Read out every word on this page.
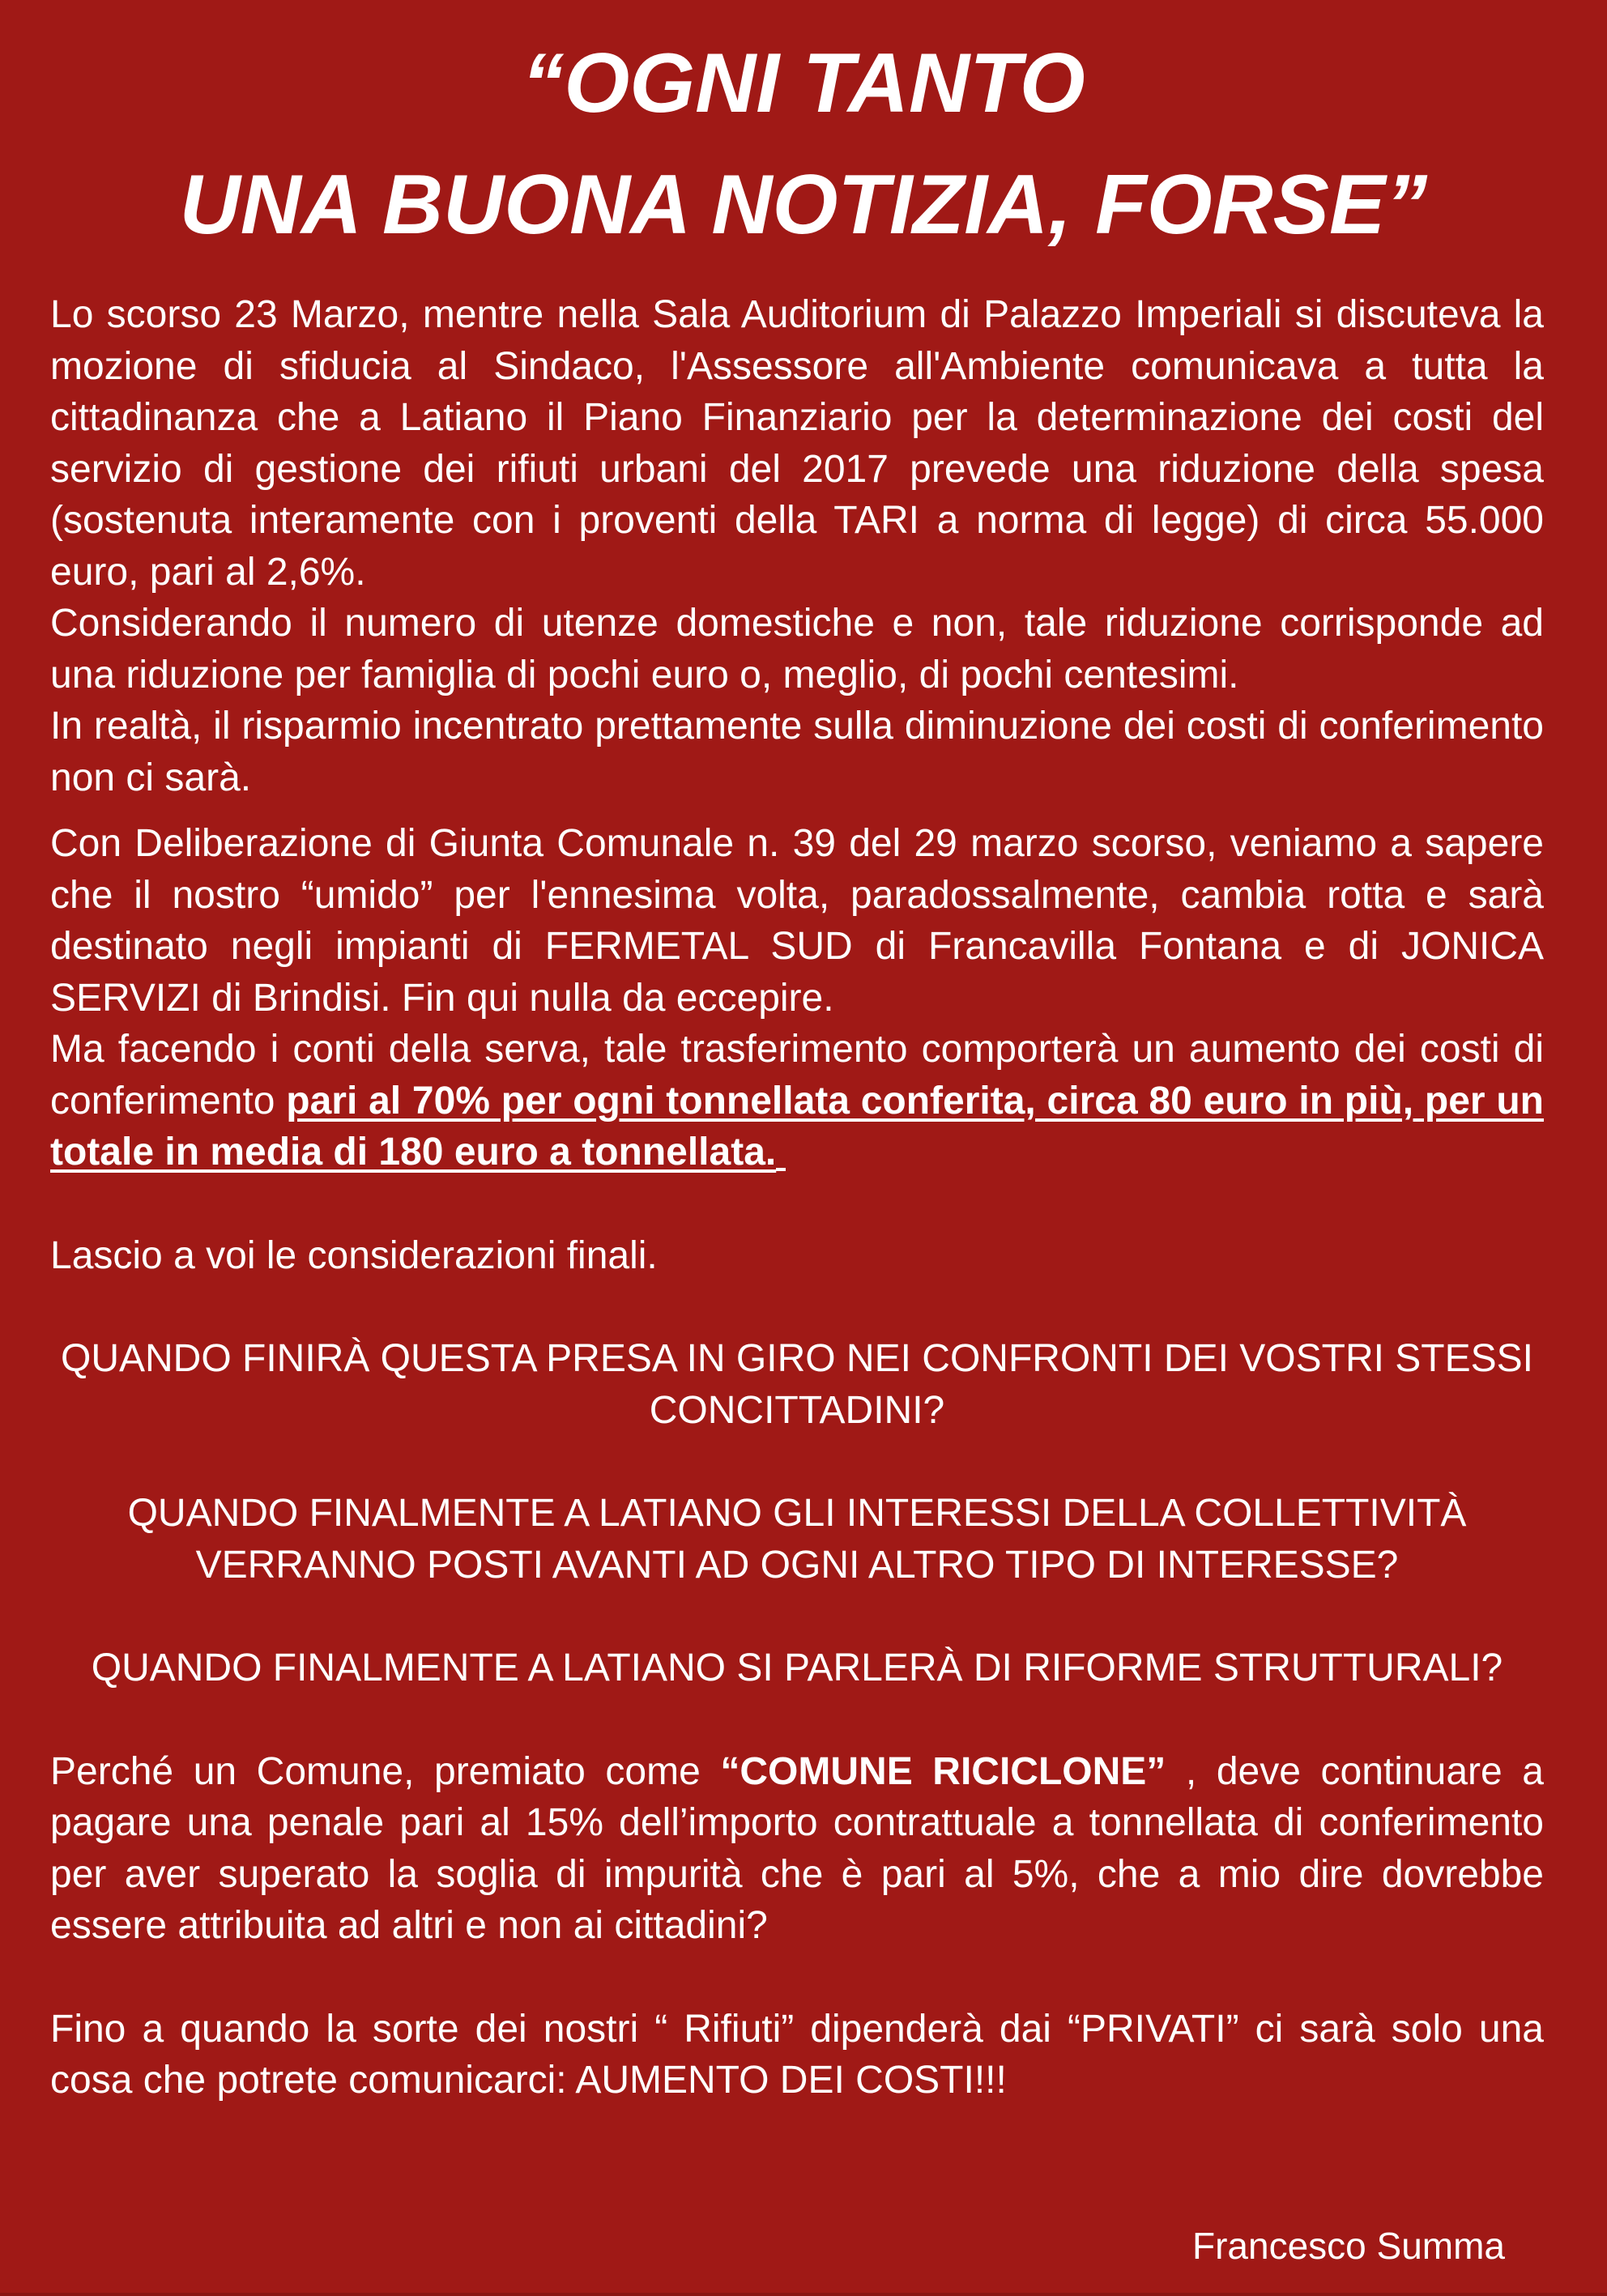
“OGNI TANTO
UNA BUONA NOTIZIA, FORSE”

Lo scorso 23 Marzo, mentre nella Sala Auditorium di Palazzo Imperiali si discuteva la mozione di sfiducia al Sindaco, l'Assessore all'Ambiente comunicava a tutta la cittadinanza che a Latiano il Piano Finanziario per la determinazione dei costi del servizio di gestione dei rifiuti urbani del 2017 prevede una riduzione della spesa (sostenuta interamente con i proventi della TARI a norma di legge) di circa 55.000 euro, pari al 2,6%.

Considerando il numero di utenze domestiche e non, tale riduzione corrisponde ad una riduzione per famiglia di pochi euro o, meglio, di pochi centesimi.

In realtà, il risparmio incentrato prettamente sulla diminuzione dei costi di conferimento non ci sarà.

Con Deliberazione di Giunta Comunale n. 39 del 29 marzo scorso, veniamo a sapere che il nostro “umido” per l'ennesima volta, paradossalmente, cambia rotta e sarà destinato negli impianti di FERMETAL SUD di Francavilla Fontana e di JONICA SERVIZI di Brindisi. Fin qui nulla da eccepire.

Ma facendo i conti della serva, tale trasferimento comporterà un aumento dei costi di conferimento pari al 70% per ogni tonnellata conferita, circa 80 euro in più, per un totale in media di 180 euro a tonnellata.

Lascio a voi le considerazioni finali.

QUANDO FINIRÀ QUESTA PRESA IN GIRO NEI CONFRONTI DEI VOSTRI STESSI CONCITTADINI?

QUANDO FINALMENTE A LATIANO GLI INTERESSI DELLA COLLETTIVITÀ VERRANNO POSTI AVANTI AD OGNI ALTRO TIPO DI INTERESSE?

QUANDO FINALMENTE A LATIANO SI PARLERÀ DI RIFORME STRUTTURALI?

Perché un Comune, premiato come “COMUNE RICICLONE” , deve continuare a pagare una penale pari al 15% dell’importo contrattuale a tonnellata di conferimento per aver superato la soglia di impurità che è pari al 5%, che a mio dire dovrebbe essere attribuita ad altri e non ai cittadini?

Fino a quando la sorte dei nostri “ Rifiuti” dipenderà dai “PRIVATI” ci sarà solo una cosa che potrete comunicarci: AUMENTO DEI COSTI!!!

Francesco Summa
